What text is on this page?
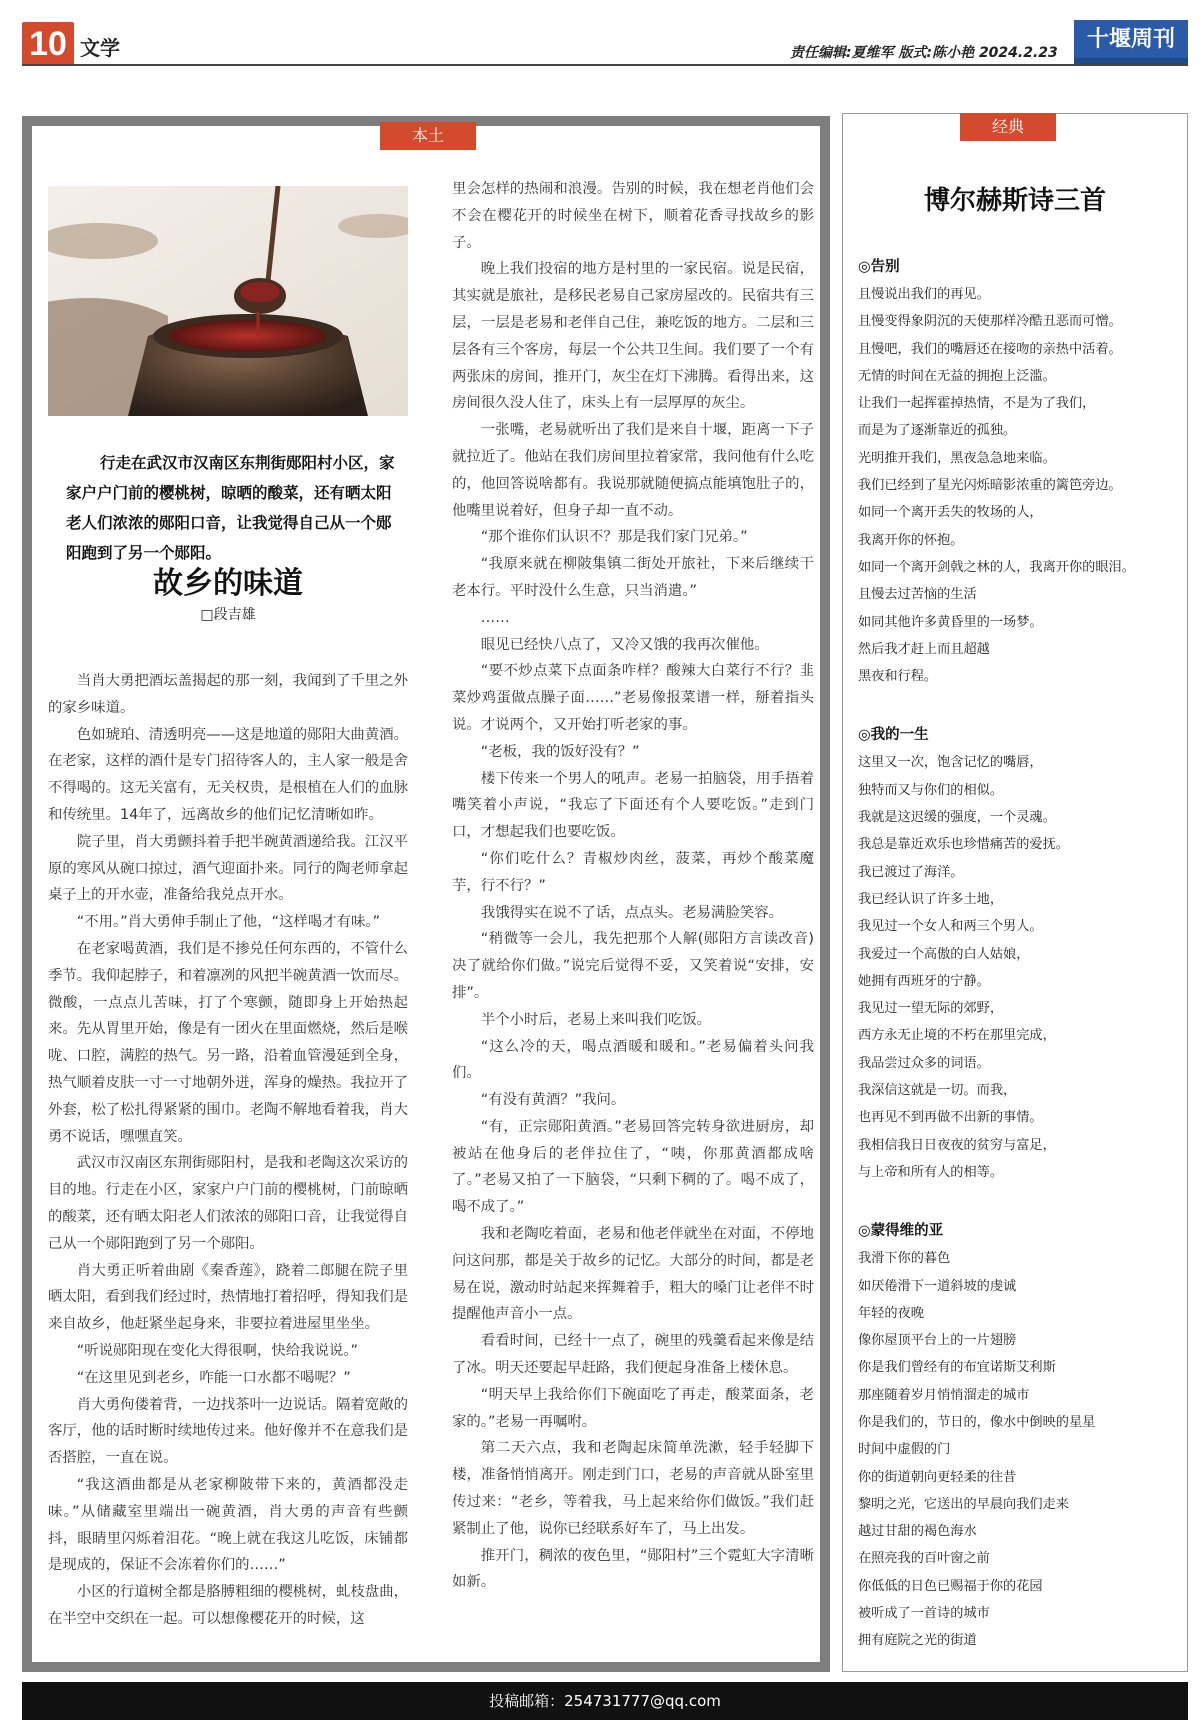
10 文学	责任编辑:夏维军 版式:陈小艳 2024.2.23
十堰周刊
本土

行走在武汉市汉南区东荆街郧阳村小区，家家户户门前的樱桃树，晾晒的酸菜，还有晒太阳老人们浓浓的郧阳口音，让我觉得自己从一个郧阳跑到了另一个郧阳。

故乡的味道
□段吉雄

当肖大勇把酒坛盖揭起的那一刻，我闻到了千里之外的家乡味道。

色如琥珀、清透明亮——这是地道的郧阳大曲黄酒。在老家，这样的酒什是专门招待客人的，主人家一般是舍不得喝的。这无关富有，无关权贵，是根植在人们的血脉和传统里。14年了，远离故乡的他们记忆清晰如昨。

院子里，肖大勇颤抖着手把半碗黄酒递给我。江汉平原的寒风从碗口掠过，酒气迎面扑来。同行的陶老师拿起桌子上的开水壶，准备给我兑点开水。

“不用。”肖大勇伸手制止了他，“这样喝才有味。”

在老家喝黄酒，我们是不掺兑任何东西的，不管什么季节。我仰起脖子，和着凛冽的风把半碗黄酒一饮而尽。微酸，一点点儿苦味，打了个寒颤，随即身上开始热起来。先从胃里开始，像是有一团火在里面燃烧，然后是喉咙、口腔，满腔的热气。另一路，沿着血管漫延到全身，热气顺着皮肤一寸一寸地朝外迸，浑身的燥热。我拉开了外套，松了松扎得紧紧的围巾。老陶不解地看着我，肖大勇不说话，嘿嘿直笑。

武汉市汉南区东荆街郧阳村，是我和老陶这次采访的目的地。行走在小区，家家户户门前的樱桃树，门前晾晒的酸菜，还有晒太阳老人们浓浓的郧阳口音，让我觉得自己从一个郧阳跑到了另一个郧阳。

肖大勇正听着曲剧《秦香莲》，跷着二郎腿在院子里晒太阳，看到我们经过时，热情地打着招呼，得知我们是来自故乡，他赶紧坐起身来，非要拉着进屋里坐坐。

“听说郧阳现在变化大得很啊，快给我说说。”

“在这里见到老乡，咋能一口水都不喝呢？”

肖大勇佝偻着背，一边找茶叶一边说话。隔着宽敞的客厅，他的话时断时续地传过来。他好像并不在意我们是否搭腔，一直在说。

“我这酒曲都是从老家柳陂带下来的，黄酒都没走味。”从储藏室里端出一碗黄酒，肖大勇的声音有些颤抖，眼睛里闪烁着泪花。“晚上就在我这儿吃饭，床铺都是现成的，保证不会冻着你们的……”

小区的行道树全都是胳膊粗细的樱桃树，虬枝盘曲，在半空中交织在一起。可以想像樱花开的时候，这

里会怎样的热闹和浪漫。告别的时候，我在想老肖他们会不会在樱花开的时候坐在树下，顺着花香寻找故乡的影子。

晚上我们投宿的地方是村里的一家民宿。说是民宿，其实就是旅社，是移民老易自己家房屋改的。民宿共有三层，一层是老易和老伴自己住，兼吃饭的地方。二层和三层各有三个客房，每层一个公共卫生间。我们要了一个有两张床的房间，推开门，灰尘在灯下沸腾。看得出来，这房间很久没人住了，床头上有一层厚厚的灰尘。

一张嘴，老易就听出了我们是来自十堰，距离一下子就拉近了。他站在我们房间里拉着家常，我问他有什么吃的，他回答说啥都有。我说那就随便搞点能填饱肚子的，他嘴里说着好，但身子却一直不动。

“那个谁你们认识不？那是我们家门兄弟。”

“我原来就在柳陂集镇二街处开旅社，下来后继续干老本行。平时没什么生意，只当消遣。”

……

眼见已经快八点了，又冷又饿的我再次催他。

“要不炒点菜下点面条咋样？酸辣大白菜行不行？韭菜炒鸡蛋做点臊子面……”老易像报菜谱一样，掰着指头说。才说两个，又开始打听老家的事。

“老板，我的饭好没有？”

楼下传来一个男人的吼声。老易一拍脑袋，用手捂着嘴笑着小声说，“我忘了下面还有个人要吃饭。”走到门口，才想起我们也要吃饭。

“你们吃什么？青椒炒肉丝，菠菜，再炒个酸菜魔芋，行不行？”

我饿得实在说不了话，点点头。老易满脸笑容。

“稍微等一会儿，我先把那个人解(郧阳方言读改音)决了就给你们做。”说完后觉得不妥，又笑着说“安排，安排”。

半个小时后，老易上来叫我们吃饭。

“这么冷的天，喝点酒暖和暖和。”老易偏着头问我们。

“有没有黄酒？”我问。

“有，正宗郧阳黄酒。”老易回答完转身欲进厨房，却被站在他身后的老伴拉住了，“咦，你那黄酒都成啥了。”老易又拍了一下脑袋，“只剩下稠的了。喝不成了，喝不成了。”

我和老陶吃着面，老易和他老伴就坐在对面，不停地问这问那，都是关于故乡的记忆。大部分的时间，都是老易在说，激动时站起来挥舞着手，粗大的嗓门让老伴不时提醒他声音小一点。

看看时间，已经十一点了，碗里的残羹看起来像是结了冰。明天还要起早赶路，我们便起身准备上楼休息。

“明天早上我给你们下碗面吃了再走，酸菜面条，老家的。”老易一再嘱咐。

第二天六点，我和老陶起床简单洗漱，轻手轻脚下楼，准备悄悄离开。刚走到门口，老易的声音就从卧室里传过来：“老乡，等着我，马上起来给你们做饭。”我们赶紧制止了他，说你已经联系好车了，马上出发。

推开门，稠浓的夜色里，“郧阳村”三个霓虹大字清晰如新。

经典
博尔赫斯诗三首
◎告别
且慢说出我们的再见。
且慢变得象阴沉的天使那样冷酷丑恶而可憎。
且慢吧，我们的嘴唇还在接吻的亲热中活着。
无情的时间在无益的拥抱上泛滥。
让我们一起挥霍掉热情，不是为了我们，
而是为了逐渐靠近的孤独。
光明推开我们，黑夜急急地来临。
我们已经到了星光闪烁暗影浓重的篱笆旁边。
如同一个离开丢失的牧场的人，
我离开你的怀抱。
如同一个离开剑戟之林的人，我离开你的眼泪。
且慢去过苦恼的生活
如同其他许多黄昏里的一场梦。
然后我才赶上而且超越
黑夜和行程。
◎我的一生
这里又一次，饱含记忆的嘴唇，
独特而又与你们的相似。
我就是这迟缓的强度，一个灵魂。
我总是靠近欢乐也珍惜痛苦的爱抚。
我已渡过了海洋。
我已经认识了许多土地，
我见过一个女人和两三个男人。
我爱过一个高傲的白人姑娘，
她拥有西班牙的宁静。
我见过一望无际的郊野，
西方永无止境的不朽在那里完成，
我品尝过众多的词语。
我深信这就是一切。而我，
也再见不到再做不出新的事情。
我相信我日日夜夜的贫穷与富足，
与上帝和所有人的相等。
◎蒙得维的亚
我滑下你的暮色
如厌倦滑下一道斜坡的虔诚
年轻的夜晚
像你屋顶平台上的一片翅膀
你是我们曾经有的布宜诺斯艾利斯
那座随着岁月悄悄溜走的城市
你是我们的，节日的，像水中倒映的星星
时间中虚假的门
你的街道朝向更轻柔的往昔
黎明之光，它送出的早晨向我们走来
越过甘甜的褐色海水
在照亮我的百叶窗之前
你低低的日色已赐福于你的花园
被听成了一首诗的城市
拥有庭院之光的街道
投稿邮箱：254731777@qq.com
